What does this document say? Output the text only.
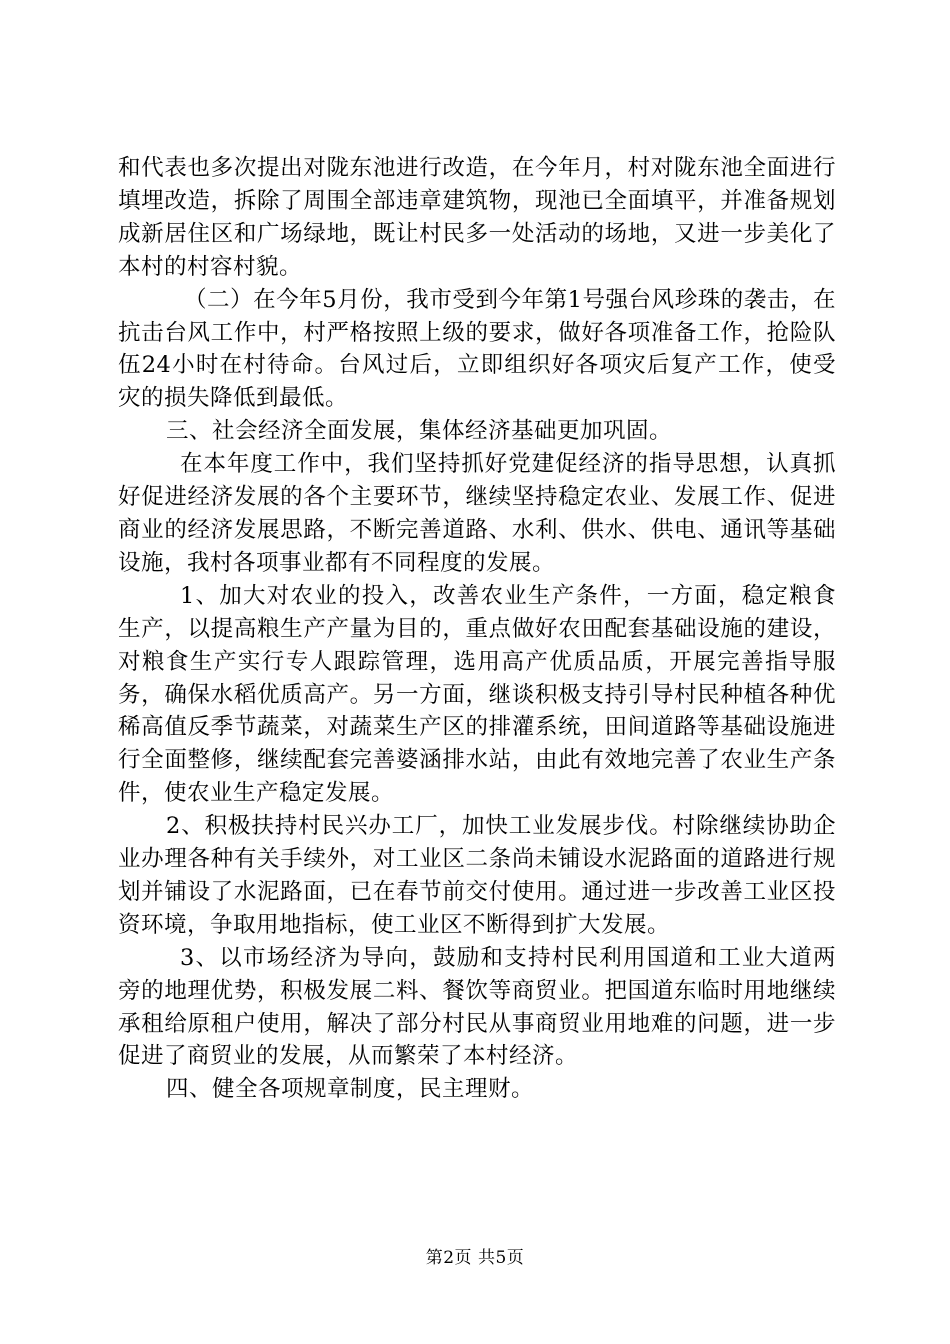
和代表也多次提出对陇东池进行改造，在今年月，村对陇东池全面进行填埋改造，拆除了周围全部违章建筑物，现池已全面填平，并准备规划成新居住区和广场绿地，既让村民多一处活动的场地，又进一步美化了本村的村容村貌。

（二）在今年5月份，我市受到今年第1号强台风珍珠的袭击，在抗击台风工作中，村严格按照上级的要求，做好各项准备工作，抢险队伍24小时在村待命。台风过后，立即组织好各项灾后复产工作，使受灾的损失降低到最低。

三、社会经济全面发展，集体经济基础更加巩固。

在本年度工作中，我们坚持抓好党建促经济的指导思想，认真抓好促进经济发展的各个主要环节，继续坚持稳定农业、发展工作、促进商业的经济发展思路，不断完善道路、水利、供水、供电、通讯等基础设施，我村各项事业都有不同程度的发展。

1、加大对农业的投入，改善农业生产条件，一方面，稳定粮食生产，以提高粮生产产量为目的，重点做好农田配套基础设施的建设，对粮食生产实行专人跟踪管理，选用高产优质品质，开展完善指导服务，确保水稻优质高产。另一方面，继谈积极支持引导村民种植各种优稀高值反季节蔬菜，对蔬菜生产区的排灌系统，田间道路等基础设施进行全面整修，继续配套完善婆涵排水站，由此有效地完善了农业生产条件，使农业生产稳定发展。

2、积极扶持村民兴办工厂，加快工业发展步伐。村除继续协助企业办理各种有关手续外，对工业区二条尚未铺设水泥路面的道路进行规划并铺设了水泥路面，已在春节前交付使用。通过进一步改善工业区投资环境，争取用地指标，使工业区不断得到扩大发展。

3、以市场经济为导向，鼓励和支持村民利用国道和工业大道两旁的地理优势，积极发展二料、餐饮等商贸业。把国道东临时用地继续承租给原租户使用，解决了部分村民从事商贸业用地难的问题，进一步促进了商贸业的发展，从而繁荣了本村经济。

四、健全各项规章制度，民主理财。

第2页 共5页
